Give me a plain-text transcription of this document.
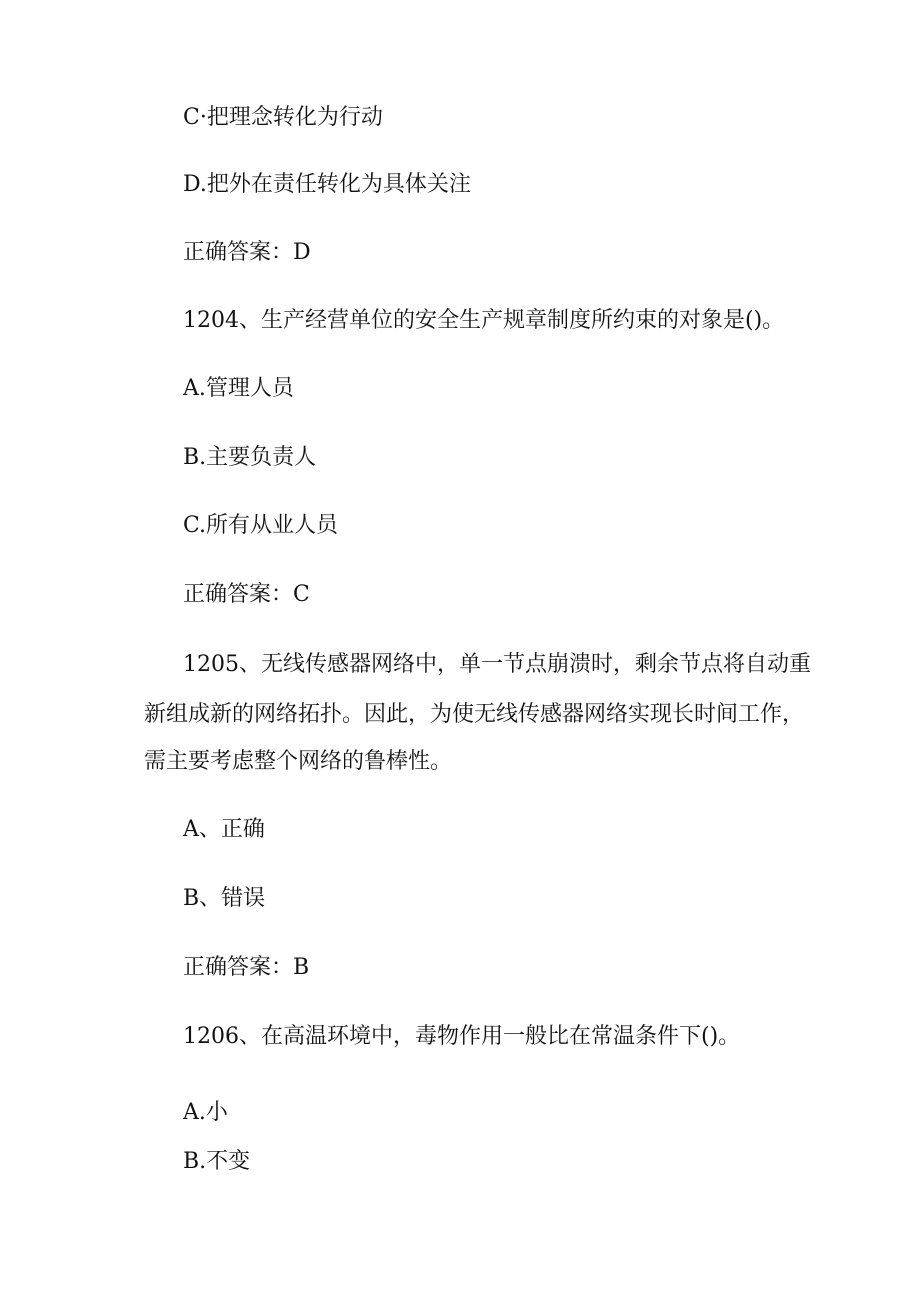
C·把理念转化为行动

D.把外在责任转化为具体关注

正确答案：D

1204、生产经营单位的安全生产规章制度所约束的对象是()。

A.管理人员

B.主要负责人

C.所有从业人员

正确答案：C

1205、无线传感器网络中，单一节点崩溃时，剩余节点将自动重

新组成新的网络拓扑。因此，为使无线传感器网络实现长时间工作，

需主要考虑整个网络的鲁棒性。

A、正确

B、错误

正确答案：B

1206、在高温环境中，毒物作用一般比在常温条件下()。

A.小

B.不变
